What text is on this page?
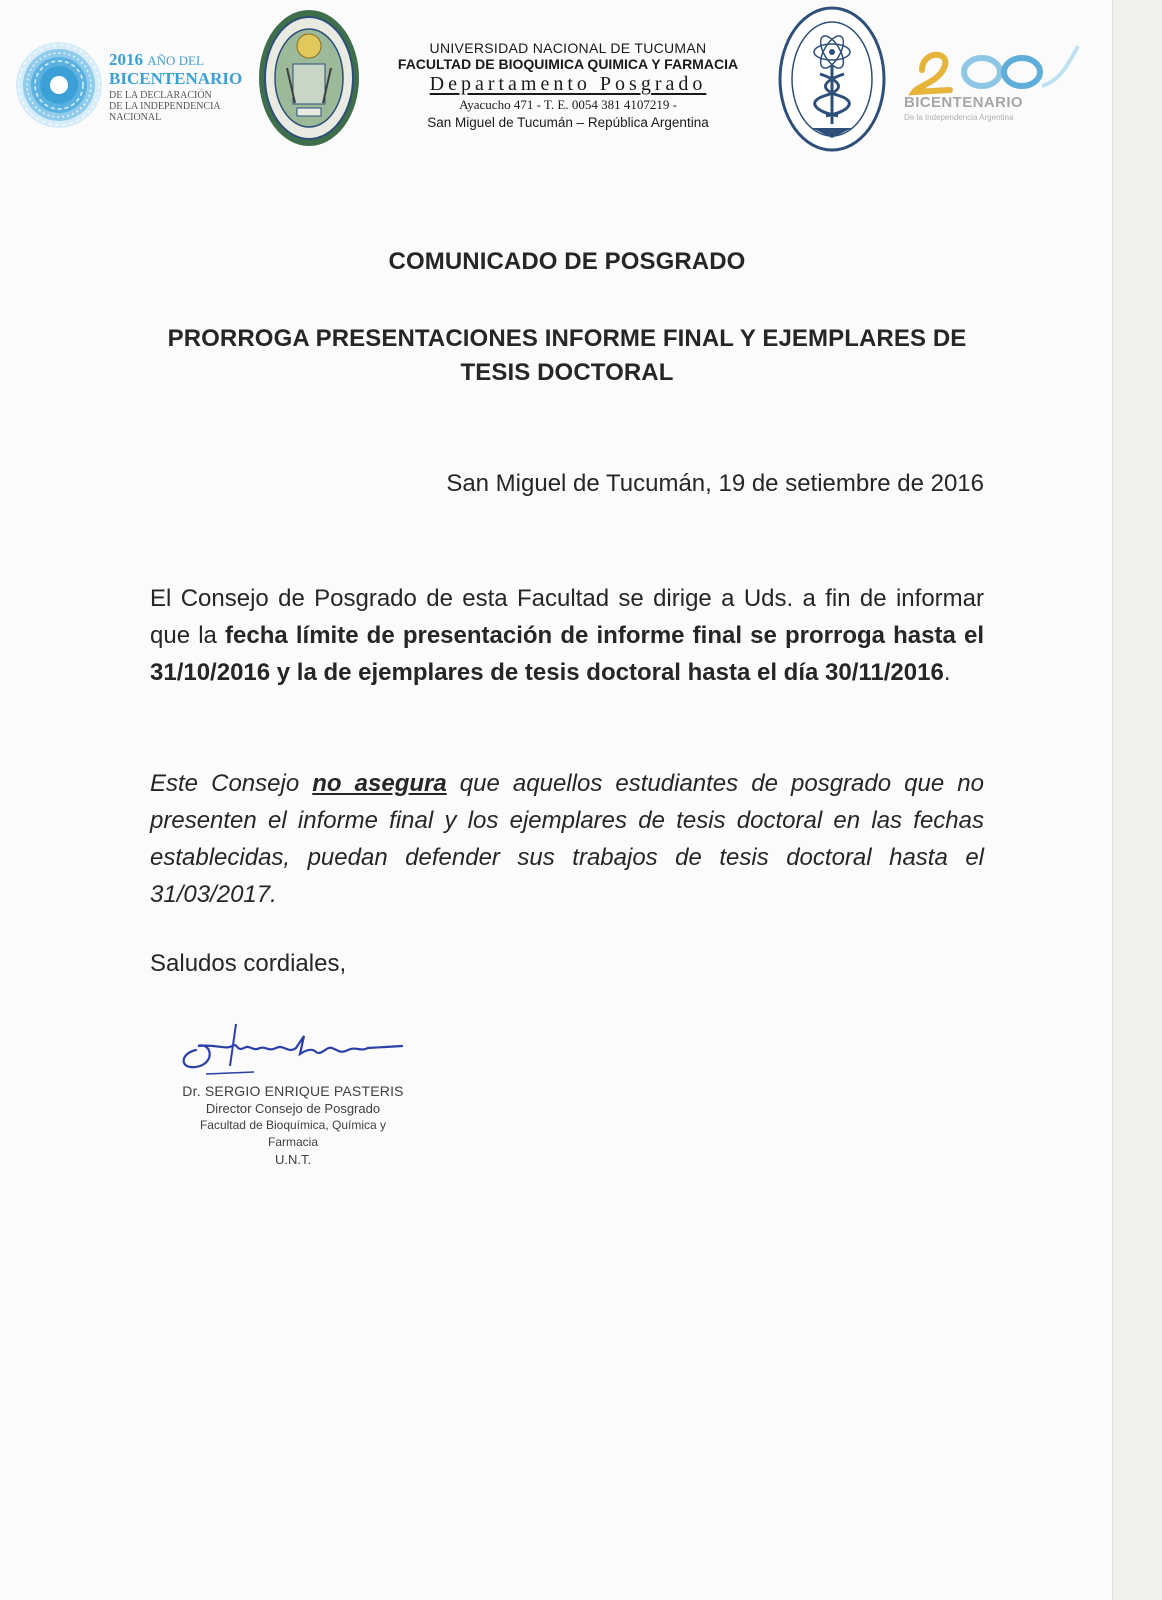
2016 AÑO DEL
BICENTENARIO
DE LA DECLARACIÓN
DE LA INDEPENDENCIA
NACIONAL
UNIVERSIDAD NACIONAL DE TUCUMAN
FACULTAD DE BIOQUIMICA QUIMICA Y FARMACIA
Departamento Posgrado
Ayacucho 471 - T. E. 0054 381 4107219 -
San Miguel de Tucumán – República Argentina
BICENTENARIO
De la Independencia Argentina
COMUNICADO DE POSGRADO
PRORROGA PRESENTACIONES INFORME FINAL Y EJEMPLARES DE
TESIS DOCTORAL
San Miguel de Tucumán, 19 de setiembre de 2016
El Consejo de Posgrado de esta Facultad se dirige a Uds. a fin de informar que la fecha límite de presentación de informe final se prorroga hasta el 31/10/2016 y la de ejemplares de tesis doctoral hasta el día 30/11/2016.
Este Consejo no asegura que aquellos estudiantes de posgrado que no presenten el informe final y los ejemplares de tesis doctoral en las fechas establecidas, puedan defender sus trabajos de tesis doctoral hasta el 31/03/2017.
Saludos cordiales,
Dr. SERGIO ENRIQUE PASTERIS
Director Consejo de Posgrado
Facultad de Bioquímica, Química y Farmacia
U.N.T.
